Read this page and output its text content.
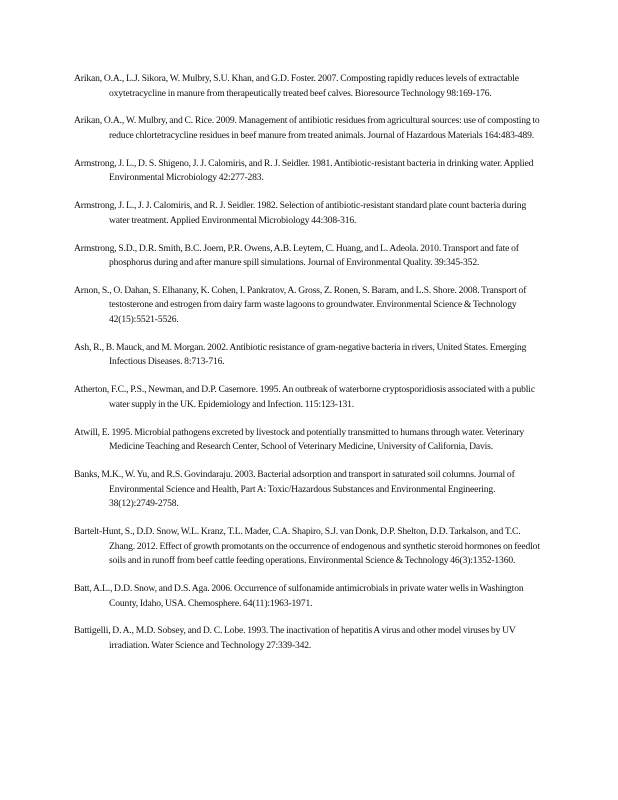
Arikan, O.A., L.J. Sikora, W. Mulbry, S.U. Khan, and G.D. Foster. 2007. Composting rapidly reduces levels of extractable oxytetracycline in manure from therapeutically treated beef calves. Bioresource Technology 98:169-176.
Arikan, O.A., W. Mulbry, and C. Rice. 2009. Management of antibiotic residues from agricultural sources: use of composting to reduce chlortetracycline residues in beef manure from treated animals. Journal of Hazardous Materials 164:483-489.
Armstrong, J. L., D. S. Shigeno, J. J. Calomiris, and R. J. Seidler. 1981. Antibiotic-resistant bacteria in drinking water. Applied Environmental Microbiology 42:277-283.
Armstrong, J. L., J. J. Calomiris, and R. J. Seidler. 1982. Selection of antibiotic-resistant standard plate count bacteria during water treatment. Applied Environmental Microbiology 44:308-316.
Armstrong, S.D., D.R. Smith, B.C. Joern, P.R. Owens, A.B. Leytem, C. Huang, and L. Adeola. 2010. Transport and fate of phosphorus during and after manure spill simulations. Journal of Environmental Quality. 39:345-352.
Arnon, S., O. Dahan, S. Elhanany, K. Cohen, I. Pankratov, A. Gross, Z. Ronen, S. Baram, and L.S. Shore. 2008. Transport of testosterone and estrogen from dairy farm waste lagoons to groundwater. Environmental Science & Technology 42(15):5521-5526.
Ash, R., B. Mauck, and M. Morgan. 2002. Antibiotic resistance of gram-negative bacteria in rivers, United States. Emerging Infectious Diseases. 8:713-716.
Atherton, F.C., P.S., Newman, and D.P. Casemore. 1995. An outbreak of waterborne cryptosporidiosis associated with a public water supply in the UK. Epidemiology and Infection. 115:123-131.
Atwill, E. 1995. Microbial pathogens excreted by livestock and potentially transmitted to humans through water. Veterinary Medicine Teaching and Research Center, School of Veterinary Medicine, University of California, Davis.
Banks, M.K., W. Yu, and R.S. Govindaraju. 2003. Bacterial adsorption and transport in saturated soil columns. Journal of Environmental Science and Health, Part A: Toxic/Hazardous Substances and Environmental Engineering. 38(12):2749-2758.
Bartelt-Hunt, S., D.D. Snow, W.L. Kranz, T.L. Mader, C.A. Shapiro, S.J. van Donk, D.P. Shelton, D.D. Tarkalson, and T.C. Zhang. 2012. Effect of growth promotants on the occurrence of endogenous and synthetic steroid hormones on feedlot soils and in runoff from beef cattle feeding operations. Environmental Science & Technology 46(3):1352-1360.
Batt, A.L., D.D. Snow, and D.S. Aga. 2006. Occurrence of sulfonamide antimicrobials in private water wells in Washington County, Idaho, USA. Chemosphere. 64(11):1963-1971.
Battigelli, D. A., M.D. Sobsey, and D. C. Lobe. 1993. The inactivation of hepatitis A virus and other model viruses by UV irradiation. Water Science and Technology 27:339-342.
